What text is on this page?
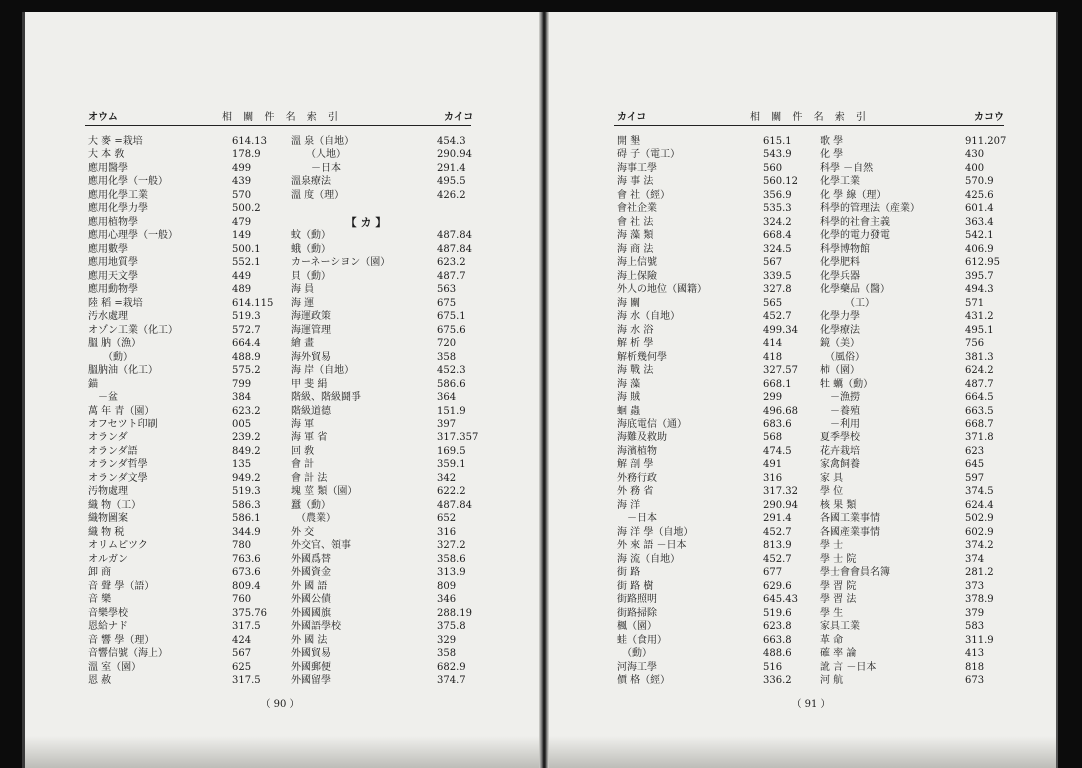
オウム	相 關 件 名 索 引	カイコ
（ 90 ）
大 麥 =栽培	614.13
大 本 敎	178.9
應用醫學	499
應用化學（一般）	439
應用化學工業	570
應用化學力學	500.2
應用植物學	479
應用心理學（一般）	149
應用數學	500.1
應用地質學	552.1
應用天文學	449
應用動物學	489
陸 稻 =栽培	614.115
汚水處理	519.3
オゾン工業（化工）	572.7
膃 肭（漁）	664.4
　　（動）	488.9
膃肭油（化工）	575.2
錨	799
　－盆	384
萬 年 青（園）	623.2
オフセツト印刷	005
オランダ	239.2
オランダ語	849.2
オランダ哲學	135
オランダ文學	949.2
汚物處理	519.3
織 物（工）	586.3
織物圖案	586.1
織 物 税	344.9
オリムピツク	780
オルガン	763.6
卸 商	673.6
音 聲 學（語）	809.4
音 樂	760
音樂學校	375.76
恩給ナド	317.5
音 響 學（理）	424
音響信號（海上）	567
溫 室（園）	625
恩 赦	317.5
溫 泉（自地）	454.3
　　（人地）	290.94
　　－日本	291.4
溫泉療法	495.5
溫 度（理）	426.2
【 カ 】
蚊（動）	487.84
蛾（動）	487.84
カーネーシヨン（園）	623.2
貝（動）	487.7
海 員	563
海 運	675
海運政策	675.1
海運管理	675.6
繪 畫	720
海外貿易	358
海 岸（自地）	452.3
甲 斐 絹	586.6
階級、階級鬪爭	364
階級道德	151.9
海 軍	397
海 軍 省	317.357
回 敎	169.5
會 計	359.1
會 計 法	342
塊 莖 類（園）	622.2
蠶（動）	487.84
　（農業）	652
外 交	316
外交官、領事	327.2
外國爲替	358.6
外國資金	313.9
外 國 語	809
外國公債	346
外國國旗	288.19
外國語學校	375.8
外 國 法	329
外國貿易	358
外國郵便	682.9
外國留學	374.7
カイコ	相 關 件 名 索 引	カコウ
（ 91 ）
開 墾	615.1
碍 子（電工）	543.9
海事工學	560
海 事 法	560.12
會 社（經）	356.9
會社企業	535.3
會 社 法	324.2
海 藻 類	668.4
海 商 法	324.5
海上信號	567
海上保險	339.5
外人の地位（國籍）	327.8
海 關	565
海 水（自地）	452.7
海 水 浴	499.34
解 析 學	414
解析幾何學	418
海 戰 法	327.57
海 藻	668.1
海 賊	299
蛔 蟲	496.68
海底電信（通）	683.6
海難及救助	568
海濱植物	474.5
解 剖 學	491
外務行政	316
外 務 省	317.32
海 洋	290.94
　－日本	291.4
海 洋 學（自地）	452.7
外 來 語 －日本	813.9
海 流（自地）	452.7
街 路	677
街 路 樹	629.6
街路照明	645.43
街路掃除	519.6
楓（園）	623.8
蛙（食用）	663.8
　（動）	488.6
河海工學	516
價 格（經）	336.2
歌 學	911.207
化 學	430
科學 －自然	400
化學工業	570.9
化 學 線（理）	425.6
科學的管理法（産業）	601.4
科學的社會主義	363.4
化學的電力發電	542.1
科學博物館	406.9
化學肥料	612.95
化學兵器	395.7
化學藥品（醫）	494.3
　　　（工）	571
化學力學	431.2
化學療法	495.1
鏡（美）	756
　（風俗）	381.3
柿（園）	624.2
牡 蠣（動）	487.7
　－漁撈	664.5
　－養殖	663.5
　－利用	668.7
夏季學校	371.8
花卉栽培	623
家禽飼養	645
家 具	597
學 位	374.5
核 果 類	624.4
各國工業事情	502.9
各國產業事情	602.9
學 士	374.2
學 士 院	374
學士會會員名簿	281.2
學 習 院	373
學 習 法	378.9
學 生	379
家具工業	583
革 命	311.9
確 率 論	413
訛 言 －日本	818
河 航	673
